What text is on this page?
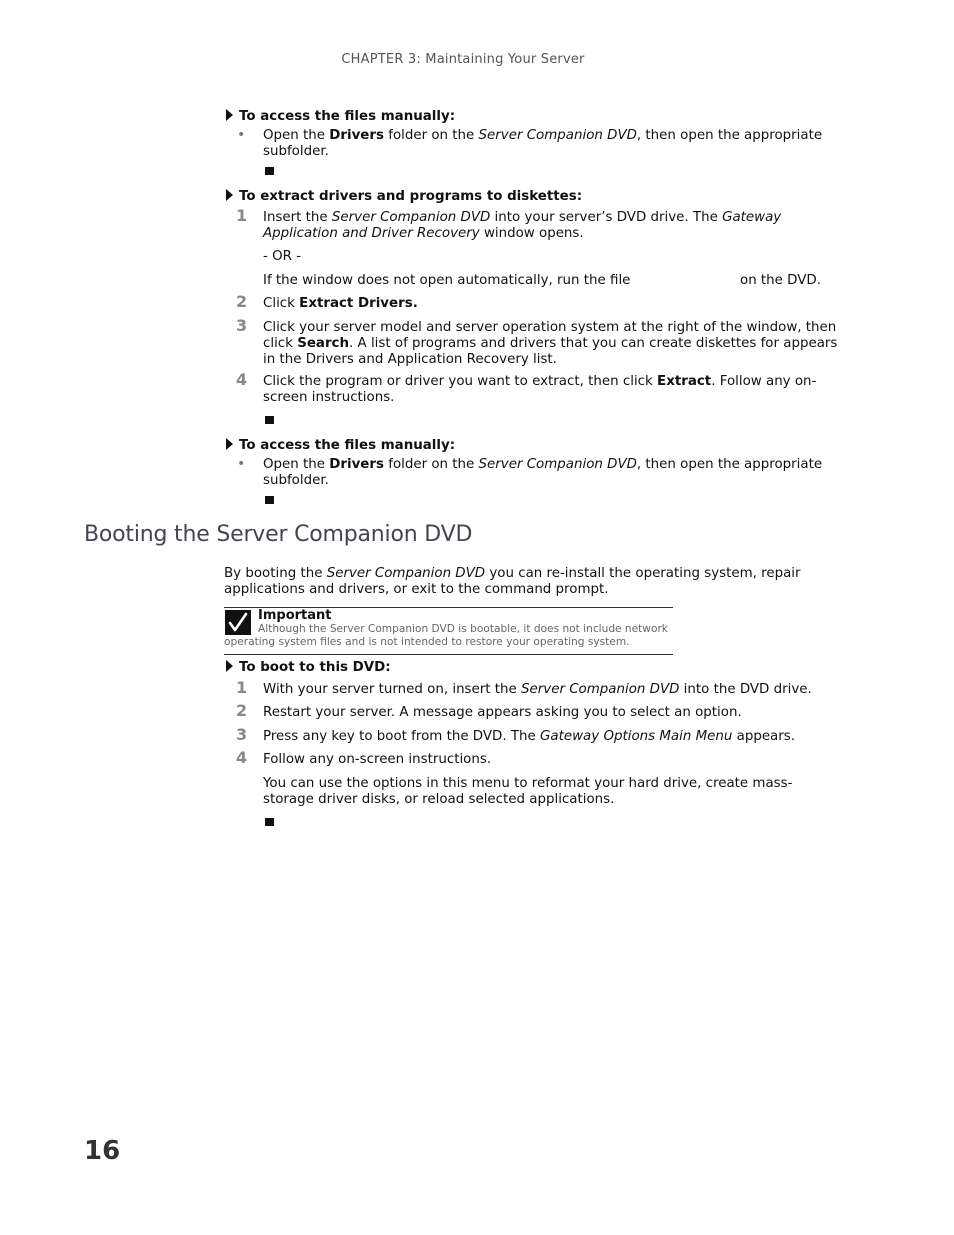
CHAPTER 3: Maintaining Your Server
To access the files manually:
• Open the Drivers folder on the Server Companion DVD, then open the appropriate subfolder.
To extract drivers and programs to diskettes:
1 Insert the Server Companion DVD into your server’s DVD drive. The Gateway Application and Driver Recovery window opens.
- OR -
If the window does not open automatically, run the file	on the DVD.
2 Click Extract Drivers.
3 Click your server model and server operation system at the right of the window, then click Search. A list of programs and drivers that you can create diskettes for appears in the Drivers and Application Recovery list.
4 Click the program or driver you want to extract, then click Extract. Follow any on-screen instructions.
To access the files manually:
• Open the Drivers folder on the Server Companion DVD, then open the appropriate subfolder.
Booting the Server Companion DVD
By booting the Server Companion DVD you can re-install the operating system, repair applications and drivers, or exit to the command prompt.
Important
Although the Server Companion DVD is bootable, it does not include network operating system files and is not intended to restore your operating system.
To boot to this DVD:
1 With your server turned on, insert the Server Companion DVD into the DVD drive.
2 Restart your server. A message appears asking you to select an option.
3 Press any key to boot from the DVD. The Gateway Options Main Menu appears.
4 Follow any on-screen instructions.
You can use the options in this menu to reformat your hard drive, create mass-storage driver disks, or reload selected applications.
16
